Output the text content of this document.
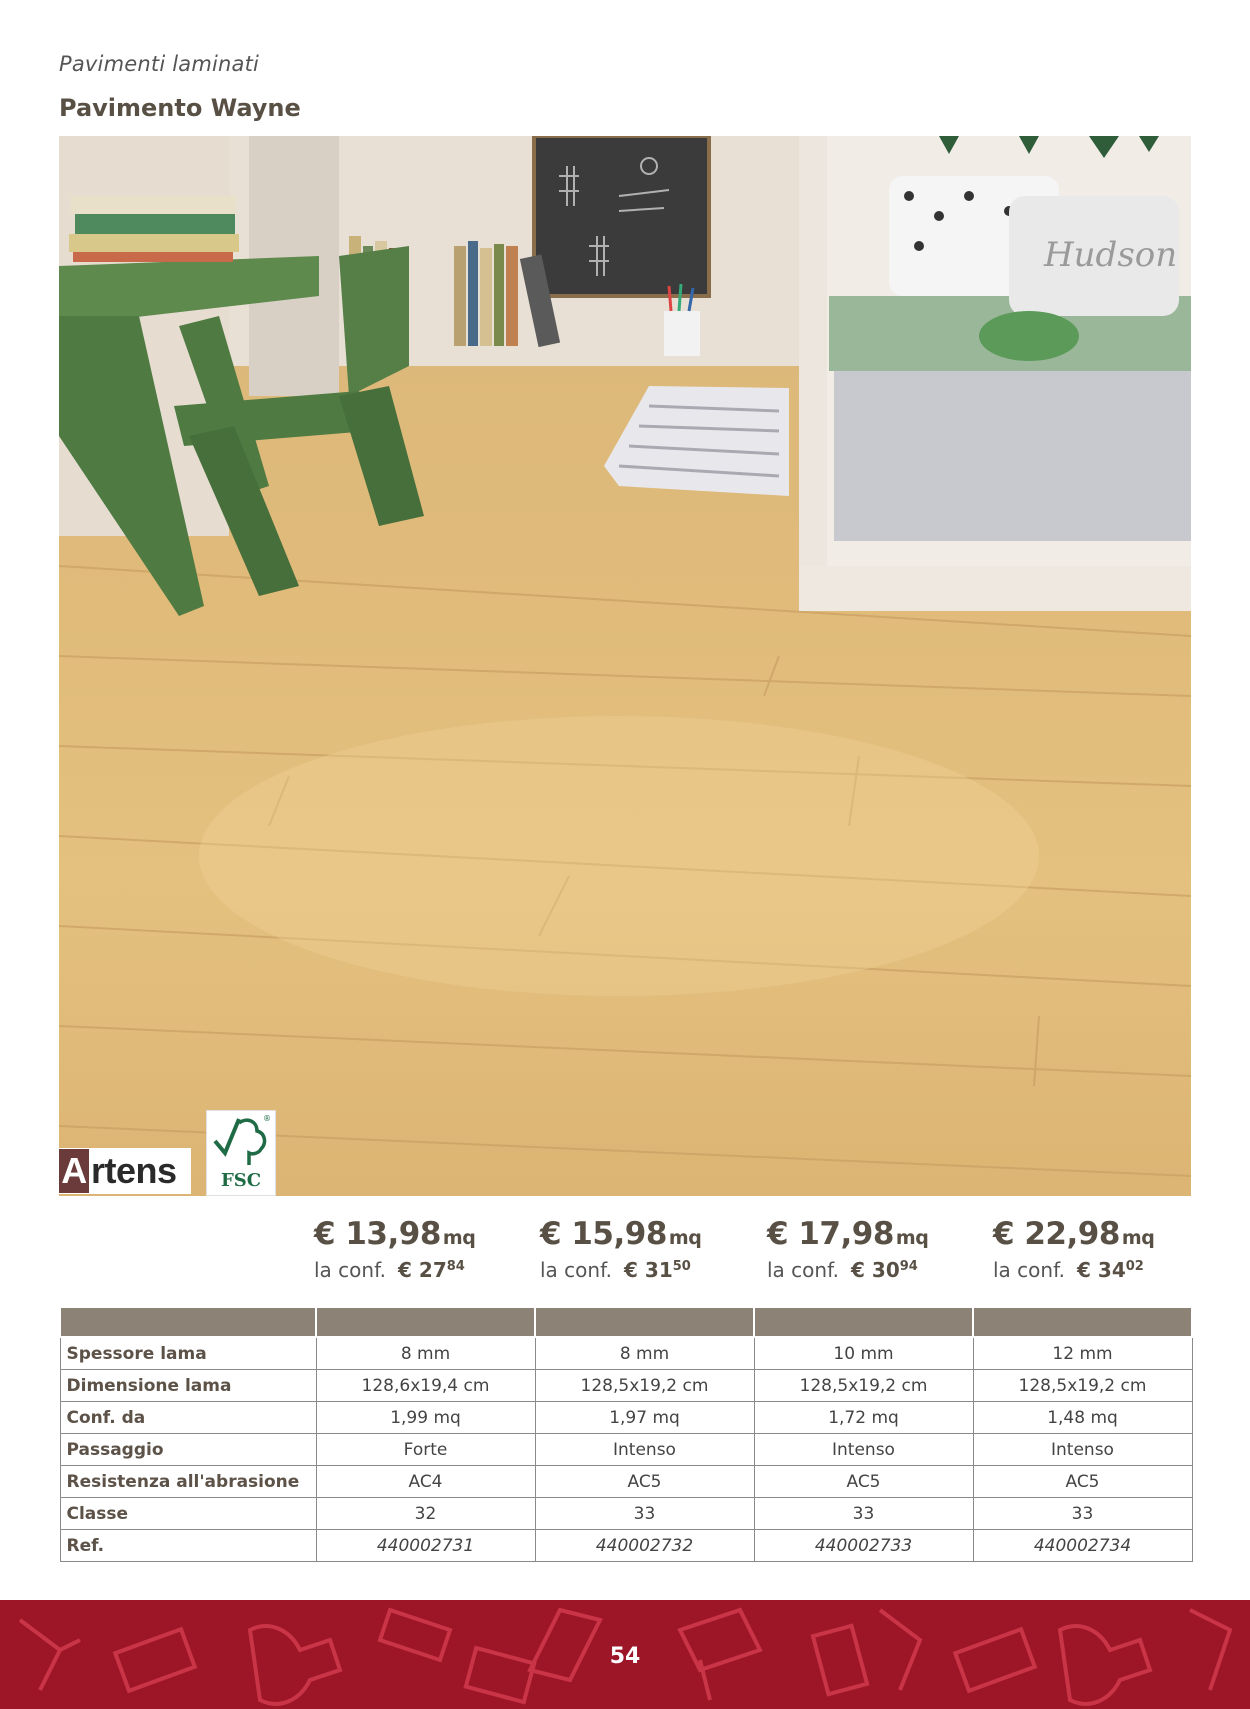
Pavimenti laminati
Pavimento Wayne
Hudson
A rtens
®
FSC
€ 13,98 mq
la conf. € $27^{84}$
€ 15,98 mq
la conf. € $31^{50}$
€ 17,98 mq
la conf. € $30^{94}$
€ 22,98 mq
la conf. € $34^{02}$

Spessore lama	8 mm	8 mm	10 mm	12 mm
Dimensione lama	128,6x19,4 cm	128,5x19,2 cm	128,5x19,2 cm	128,5x19,2 cm
Conf. da	1,99 mq	1,97 mq	1,72 mq	1,48 mq
Passaggio	Forte	Intenso	Intenso	Intenso
Resistenza all'abrasione	AC4	AC5	AC5	AC5
Classe	32	33	33	33
Ref.	440002731	440002732	440002733	440002734
54
